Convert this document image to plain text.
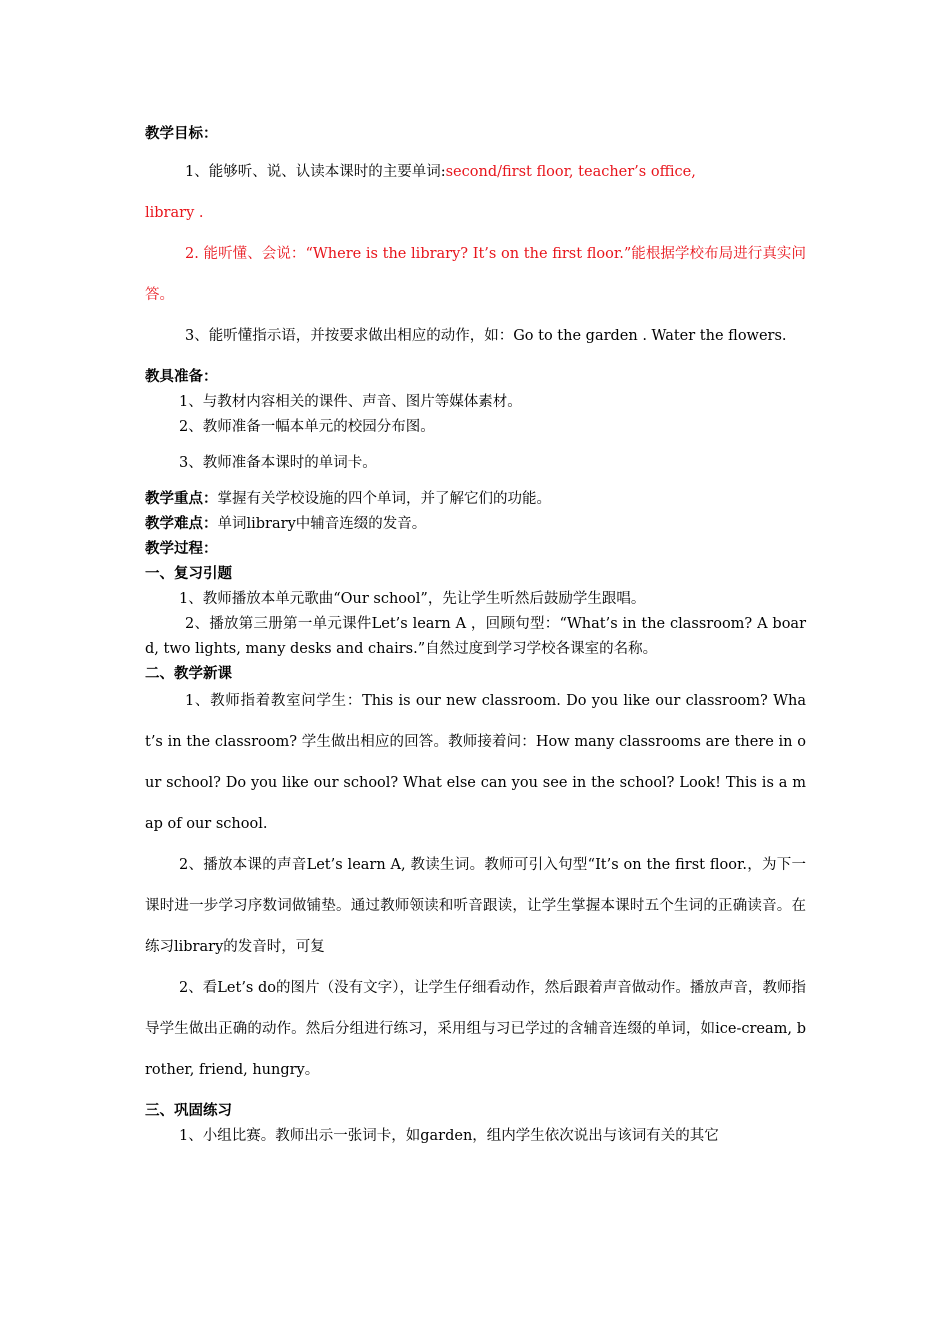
教学目标：

1、能够听、说、认读本课时的主要单词:second/first floor, teacher’s office,
library .

2. 能听懂、会说：“Where is the library? It’s on the first floor.”能根据学校布局进行真实问答。

3、能听懂指示语，并按要求做出相应的动作，如：Go to the garden . Water the flowers.

教具准备：

1、与教材内容相关的课件、声音、图片等媒体素材。

2、教师准备一幅本单元的校园分布图。

3、教师准备本课时的单词卡。

教学重点：掌握有关学校设施的四个单词，并了解它们的功能。

教学难点：单词library中辅音连缀的发音。

教学过程：

一、复习引题

1、教师播放本单元歌曲“Our school”，先让学生听然后鼓励学生跟唱。

2、播放第三册第一单元课件Let’s learn A ，回顾句型：“What’s in the classroom? A board, two lights, many desks and chairs.”自然过度到学习学校各课室的名称。

二、教学新课

1、教师指着教室问学生：This is our new classroom. Do you like our classroom? What’s in the classroom? 学生做出相应的回答。教师接着问：How many classrooms are there in our school? Do you like our school? What else can you see in the school? Look! This is a map of our school.

2、播放本课的声音Let’s learn A, 教读生词。教师可引入句型“It’s on the first floor.，为下一课时进一步学习序数词做铺垫。通过教师领读和听音跟读，让学生掌握本课时五个生词的正确读音。在练习library的发音时，可复

2、看Let’s do的图片（没有文字），让学生仔细看动作，然后跟着声音做动作。播放声音，教师指导学生做出正确的动作。然后分组进行练习，采用组与习已学过的含辅音连缀的单词，如ice-cream, brother, friend, hungry。

三、巩固练习

1、小组比赛。教师出示一张词卡，如garden，组内学生依次说出与该词有关的其它
